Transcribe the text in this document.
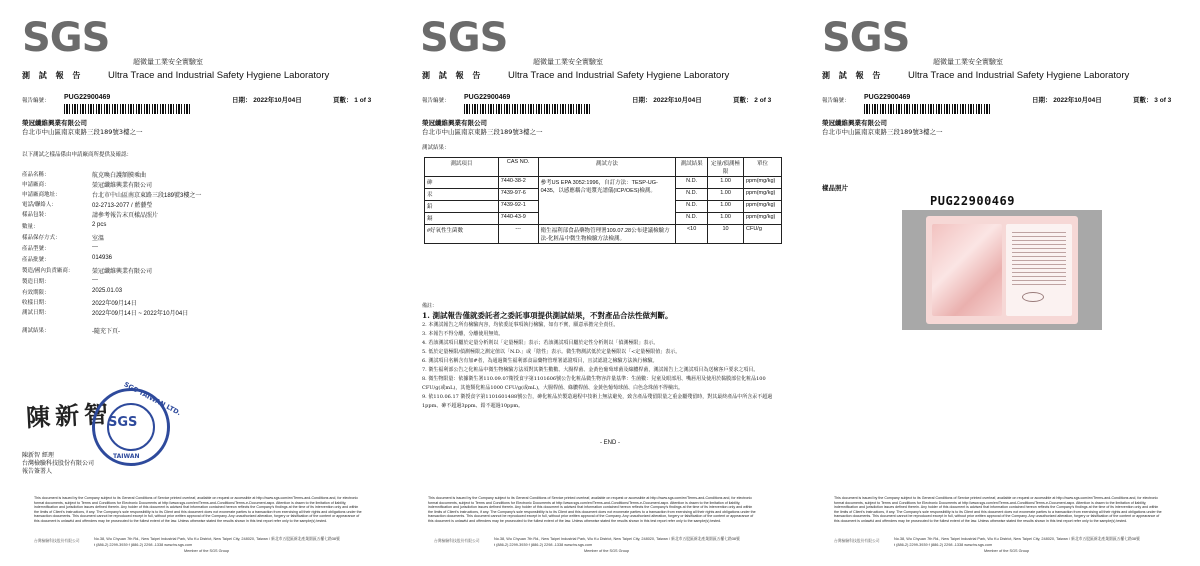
SGS
超微量工業安全實驗室
測 試 報 告	Ultra Trace and Industrial Safety Hygiene Laboratory
報告編號： PUG22900469	日期： 2022年10月04日	頁數： 1 of 3
榮冠纖維興業有限公司
台北市中山區南京東路三段189號3樓之一
以下測試之樣品係由申請廠商所提供及確認：
產品名稱：	航克喚白護額膜乘曲
申請廠商：	榮冠纖維興業有限公司
申請廠商地址：	台北市中山區南京東路三段189號3樓之一
電話/聯絡人：	02-2713-2077 / 藍藝瑩
樣品包裝：	請參考報告末頁樣品照片
數量：	2 pcs
樣品保存方式：	室溫
產品型號：	---
產品批號：	014936
製造/國內負責廠商：	榮冠纖維興業有限公司
製造日期：	---
有效期限：	2025.01.03
收樣日期：	2022年09月14日
測試日期：	2022年09月14日 ~ 2022年10月04日
測試結果：	-隨充下頁-
陳新智 SGS TAIWAN LTD.
SGS
TAIWAN
陳新智 經理
台灣檢驗科技股份有限公司
報告簽署人
This document is issued by the Company subject to its General Conditions of Service printed overleaf, available on request or accessible at http://www.sgs.com/en/Terms-and-Conditions and, for electronic format documents, subject to Terms and Conditions for Electronic Documents at http://www.sgs.com/en/Terms-and-Conditions/Terms-e-Document.aspx. Attention is drawn to the limitation of liability, indemnification and jurisdiction issues defined therein. Any holder of this document is advised that information contained hereon reflects the Company's findings at the time of its intervention only and within the limits of Client's instructions, if any. The Company's sole responsibility is to its Client and this document does not exonerate parties to a transaction from exercising all their rights and obligations under the transaction documents. This document cannot be reproduced except in full, without prior written approval of the Company. Any unauthorized alteration, forgery or falsification of the content or appearance of this document is unlawful and offenders may be prosecuted to the fullest extent of the law. Unless otherwise stated the results shown in this test report refer only to the sample(s) tested.
台灣檢驗科技股份有限公司	No.38, Wu Chyuan 7th Rd., New Taipei Industrial Park, Wu Ku District, New Taipei City, 248020, Taiwan / 新北市五股區新北產業園區五權七路38號
t (886-2) 2299-3939 f (886-2) 2298 -1338 www.tw.sgs.com
Member of the SGS Group
SGS
超微量工業安全實驗室
測 試 報 告	Ultra Trace and Industrial Safety Hygiene Laboratory
報告編號： PUG22900469	日期： 2022年10月04日	頁數： 2 of 3
榮冠纖維興業有限公司
台北市中山區南京東路三段189號3樓之一
測試結果：
測試項目	CAS NO.	測試方法	測試結果	定量/偵測極限	單位
砷	7440-38-2	參考US EPA 3052:1996，自訂方法：TESP-UG-0435，以感應耦合電漿光譜儀(ICP/OES)檢測。	N.D.	1.00	ppm(mg/kg)
汞	7439-97-6		N.D.	1.00	ppm(mg/kg)
鉛	7439-92-1		N.D.	1.00	ppm(mg/kg)
鎘	7440-43-9		N.D.	1.00	ppm(mg/kg)
#好氧性生菌數	---	衛生福利部食品藥物管理署109.07.28公布建議檢驗方法-化粧品中微生物檢驗方法檢測。	<10	10	CFU/g
備註：
1. 測試報告僅就委託者之委託事項提供測試結果，不對產品合法性做判斷。
2. 本測試報告之所有檢驗內容，均依委託事項執行檢驗，如有不實，願意承擔完全責任。
3. 本報告不得分離，分離使用無效。
4. 若該測試項目屬於定量分析則以「定量極限」表示；若該測試項目屬於定性分析則以「偵測極限」表示。
5. 低於定量極限/偵測極限之測定值以「N.D.」或「陰性」表示。微生物測試低於定量極限以「<定量極限值」表示。
6. 測試項目名稱含有加#者，為通過衛生福利部食品藥物管理署認證項目，且試認證之檢驗方法執行檢驗。
7. 衛生福利部公告之化粧品中微生物檢驗方法須對其衛生數數、大腸桿菌、金黃色葡萄球菌及綠膿桿菌，測試報告上之測試項目為送檢客戶要求之項目。
8. 微生物限量：依據衛生署110.09.07衛授食字第1101606號公告化粧品微生物容許量基準：生菌數：兒童及眼部用、嘴唇用及使用於黏膜部位化粧品100 CFU/g(或mL)，其他類化粧品1000 CFU/g(或mL)，大腸桿菌、綠膿桿菌、金黃色葡萄球菌、白色念珠菌不得檢出。
9. 依110.06.17 衛授食字第1101601488號公告，砷化粧品於製造過程中技術上無法避免，致含產品殘留限量之重金屬殘留時，對其最終產品中所含汞不超過1ppm、砷不超過3ppm、鉛不超過10ppm。
- END -
This document is issued by the Company subject to its General Conditions of Service printed overleaf, available on request or accessible at http://www.sgs.com/en/Terms-and-Conditions and, for electronic format documents, subject to Terms and Conditions for Electronic Documents at http://www.sgs.com/en/Terms-and-Conditions/Terms-e-Document.aspx. Attention is drawn to the limitation of liability, indemnification and jurisdiction issues defined therein. Any holder of this document is advised that information contained hereon reflects the Company's findings at the time of its intervention only and within the limits of Client's instructions, if any. The Company's sole responsibility is to its Client and this document does not exonerate parties to a transaction from exercising all their rights and obligations under the transaction documents. This document cannot be reproduced except in full, without prior written approval of the Company. Any unauthorized alteration, forgery or falsification of the content or appearance of this document is unlawful and offenders may be prosecuted to the fullest extent of the law. Unless otherwise stated the results shown in this test report refer only to the sample(s) tested.
台灣檢驗科技股份有限公司	No.38, Wu Chyuan 7th Rd., New Taipei Industrial Park, Wu Ku District, New Taipei City, 248020, Taiwan / 新北市五股區新北產業園區五權七路38號
t (886-2) 2299-3939 f (886-2) 2298 -1338 www.tw.sgs.com
Member of the SGS Group
SGS
超微量工業安全實驗室
測 試 報 告	Ultra Trace and Industrial Safety Hygiene Laboratory
報告編號： PUG22900469	日期： 2022年10月04日	頁數： 3 of 3
榮冠纖維興業有限公司
台北市中山區南京東路三段189號3樓之一
樣品照片
PUG22900469
This document is issued by the Company subject to its General Conditions of Service printed overleaf, available on request or accessible at http://www.sgs.com/en/Terms-and-Conditions and, for electronic format documents, subject to Terms and Conditions for Electronic Documents at http://www.sgs.com/en/Terms-and-Conditions/Terms-e-Document.aspx. Attention is drawn to the limitation of liability, indemnification and jurisdiction issues defined therein. Any holder of this document is advised that information contained hereon reflects the Company's findings at the time of its intervention only and within the limits of Client's instructions, if any. The Company's sole responsibility is to its Client and this document does not exonerate parties to a transaction from exercising all their rights and obligations under the transaction documents. This document cannot be reproduced except in full, without prior written approval of the Company. Any unauthorized alteration, forgery or falsification of the content or appearance of this document is unlawful and offenders may be prosecuted to the fullest extent of the law. Unless otherwise stated the results shown in this test report refer only to the sample(s) tested.
台灣檢驗科技股份有限公司	No.38, Wu Chyuan 7th Rd., New Taipei Industrial Park, Wu Ku District, New Taipei City, 248020, Taiwan / 新北市五股區新北產業園區五權七路38號
t (886-2) 2299-3939 f (886-2) 2298 -1338 www.tw.sgs.com
Member of the SGS Group
